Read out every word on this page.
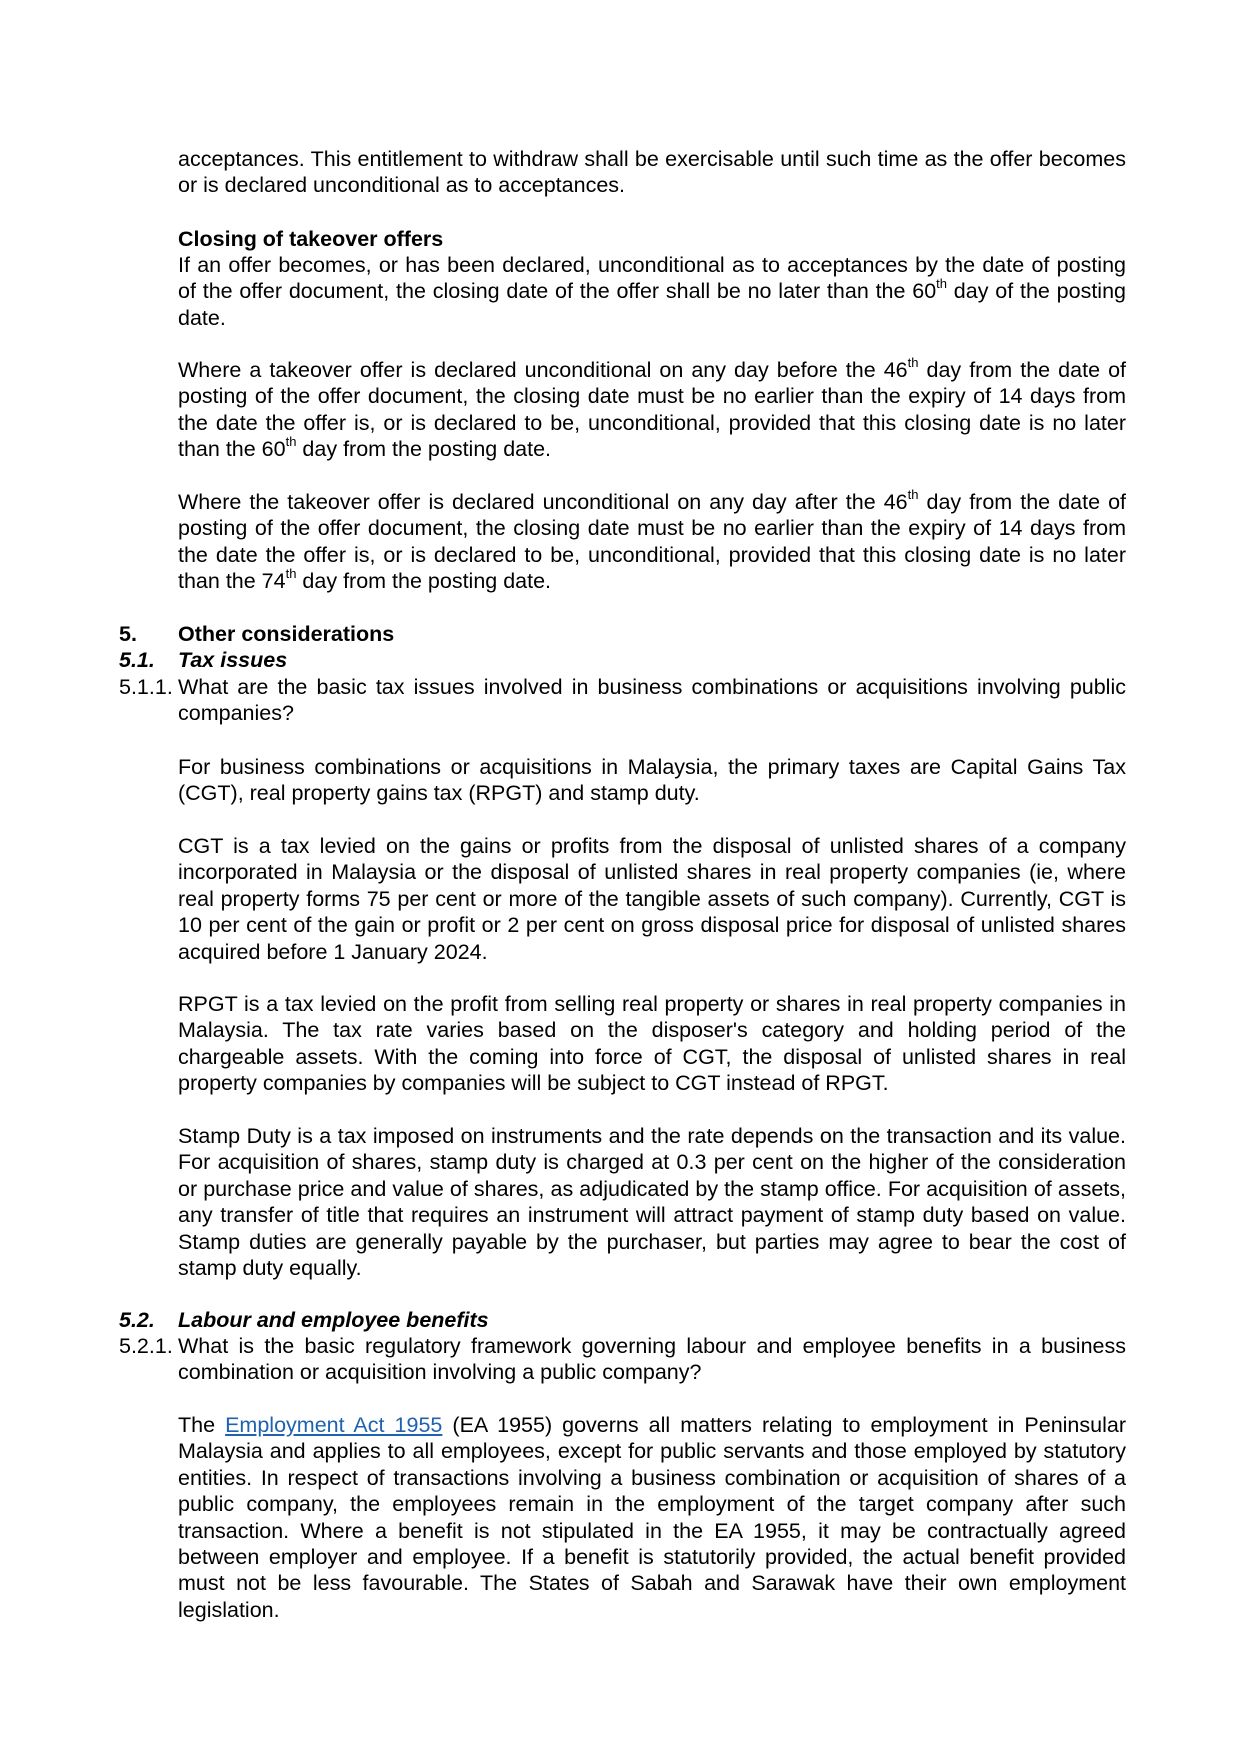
acceptances. This entitlement to withdraw shall be exercisable until such time as the offer becomes or is declared unconditional as to acceptances.

Closing of takeover offers

If an offer becomes, or has been declared, unconditional as to acceptances by the date of posting of the offer document, the closing date of the offer shall be no later than the 60th day of the posting date.

Where a takeover offer is declared unconditional on any day before the 46th day from the date of posting of the offer document, the closing date must be no earlier than the expiry of 14 days from the date the offer is, or is declared to be, unconditional, provided that this closing date is no later than the 60th day from the posting date.

Where the takeover offer is declared unconditional on any day after the 46th day from the date of posting of the offer document, the closing date must be no earlier than the expiry of 14 days from the date the offer is, or is declared to be, unconditional, provided that this closing date is no later than the 74th day from the posting date.

5. Other considerations
5.1. Tax issues
5.1.1. What are the basic tax issues involved in business combinations or acquisitions involving public companies?

For business combinations or acquisitions in Malaysia, the primary taxes are Capital Gains Tax (CGT), real property gains tax (RPGT) and stamp duty.

CGT is a tax levied on the gains or profits from the disposal of unlisted shares of a company incorporated in Malaysia or the disposal of unlisted shares in real property companies (ie, where real property forms 75 per cent or more of the tangible assets of such company). Currently, CGT is 10 per cent of the gain or profit or 2 per cent on gross disposal price for disposal of unlisted shares acquired before 1 January 2024.

RPGT is a tax levied on the profit from selling real property or shares in real property companies in Malaysia. The tax rate varies based on the disposer's category and holding period of the chargeable assets. With the coming into force of CGT, the disposal of unlisted shares in real property companies by companies will be subject to CGT instead of RPGT.

Stamp Duty is a tax imposed on instruments and the rate depends on the transaction and its value. For acquisition of shares, stamp duty is charged at 0.3 per cent on the higher of the consideration or purchase price and value of shares, as adjudicated by the stamp office. For acquisition of assets, any transfer of title that requires an instrument will attract payment of stamp duty based on value. Stamp duties are generally payable by the purchaser, but parties may agree to bear the cost of stamp duty equally.

5.2. Labour and employee benefits
5.2.1. What is the basic regulatory framework governing labour and employee benefits in a business combination or acquisition involving a public company?

The Employment Act 1955 (EA 1955) governs all matters relating to employment in Peninsular Malaysia and applies to all employees, except for public servants and those employed by statutory entities. In respect of transactions involving a business combination or acquisition of shares of a public company, the employees remain in the employment of the target company after such transaction. Where a benefit is not stipulated in the EA 1955, it may be contractually agreed between employer and employee. If a benefit is statutorily provided, the actual benefit provided must not be less favourable. The States of Sabah and Sarawak have their own employment legislation.
